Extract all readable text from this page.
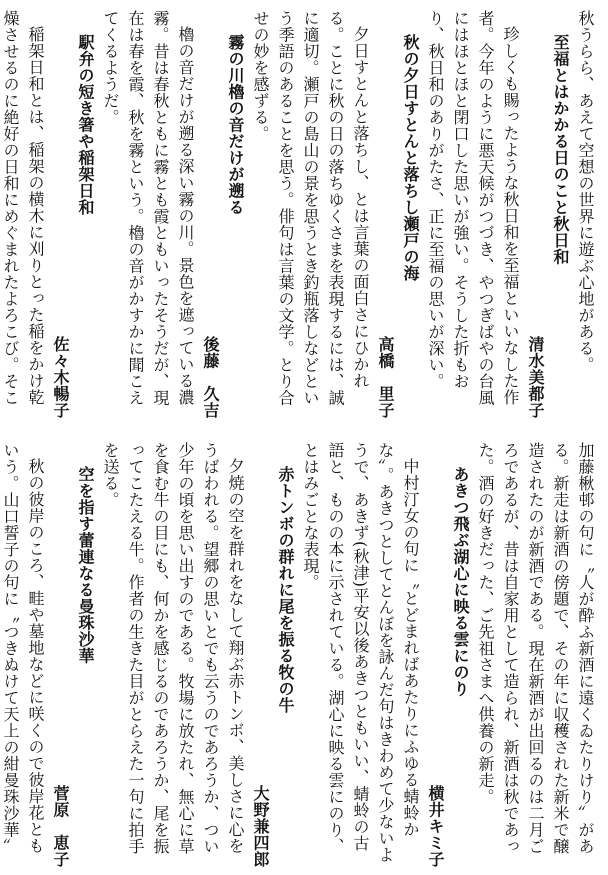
秋うらら、あえて空想の世界に遊ぶ心地がある。

至福とはかかる日のこと秋日和
清水美都子

珍しくも賜ったような秋日和を至福といいなした作者。今年のように悪天候がつづき、やつぎばやの台風にはほとほと閉口した思いが強い。そうした折もおり、秋日和のありがたさ、正に至福の思いが深い。

秋の夕日すとんと落ちし瀬戸の海
高橋　里子

夕日すとんと落ちし、とは言葉の面白さにひかれる。ことに秋の日の落ちゆくさまを表現するには、誠に適切。瀬戸の島山の景を思うとき釣瓶落しなどという季語のあることを思う。俳句は言葉の文学。とり合せの妙を感ずる。

霧の川櫓の音だけが遡る
後藤　久吉

櫓の音だけが遡る深い霧の川。景色を遮っている濃霧。昔は春秋ともに霧とも霞ともいったそうだが、現在は春を霞、秋を霧という。櫓の音がかすかに聞こえてくるようだ。

駅弁の短き箸や稲架日和
佐々木暢子

稲架日和とは、稲架の横木に刈りとった稲をかけ乾燥させるのに絶好の日和にめぐまれたよろこび。そこ

加藤楸邨の句に〝人が酔ふ新酒に遠くゐたりけり〟がある。新走は新酒の傍題で、その年に収穫された新米で醸造されたのが新酒である。現在新酒が出回るのは二月ごろであるが、昔は自家用として造られ、新酒は秋であった。酒の好きだった、ご先祖さまへ供養の新走。

あきつ飛ぶ湖心に映る雲にのり
横井キミ子

中村汀女の句に〝とどまればあたりにふゆる蜻蛉かな〟。あきつとしてとんぼを詠んだ句はきわめて少ないようで、あきず(秋津)平安以後あきつともいい、蜻蛉の古語と、ものの本に示されている。湖心に映る雲にのり、とはみごとな表現。

赤トンボの群れに尾を振る牧の牛
大野兼四郎

夕焼の空を群れをなして翔ぶ赤トンボ、美しさに心をうばわれる。望郷の思いとでも云うのであろうか、つい少年の頃を思い出すのである。牧場に放たれ、無心に草を食む牛の目にも、何かを感じるのであろうか、尾を振ってこたえる牛。作者の生きた目がとらえた一句に拍手を送る。

空を指す蕾連なる曼珠沙華
菅原　恵子

秋の彼岸のころ、畦や墓地などに咲くので彼岸花ともいう。山口誓子の句に〝つきぬけて天上の紺曼珠沙華〟
